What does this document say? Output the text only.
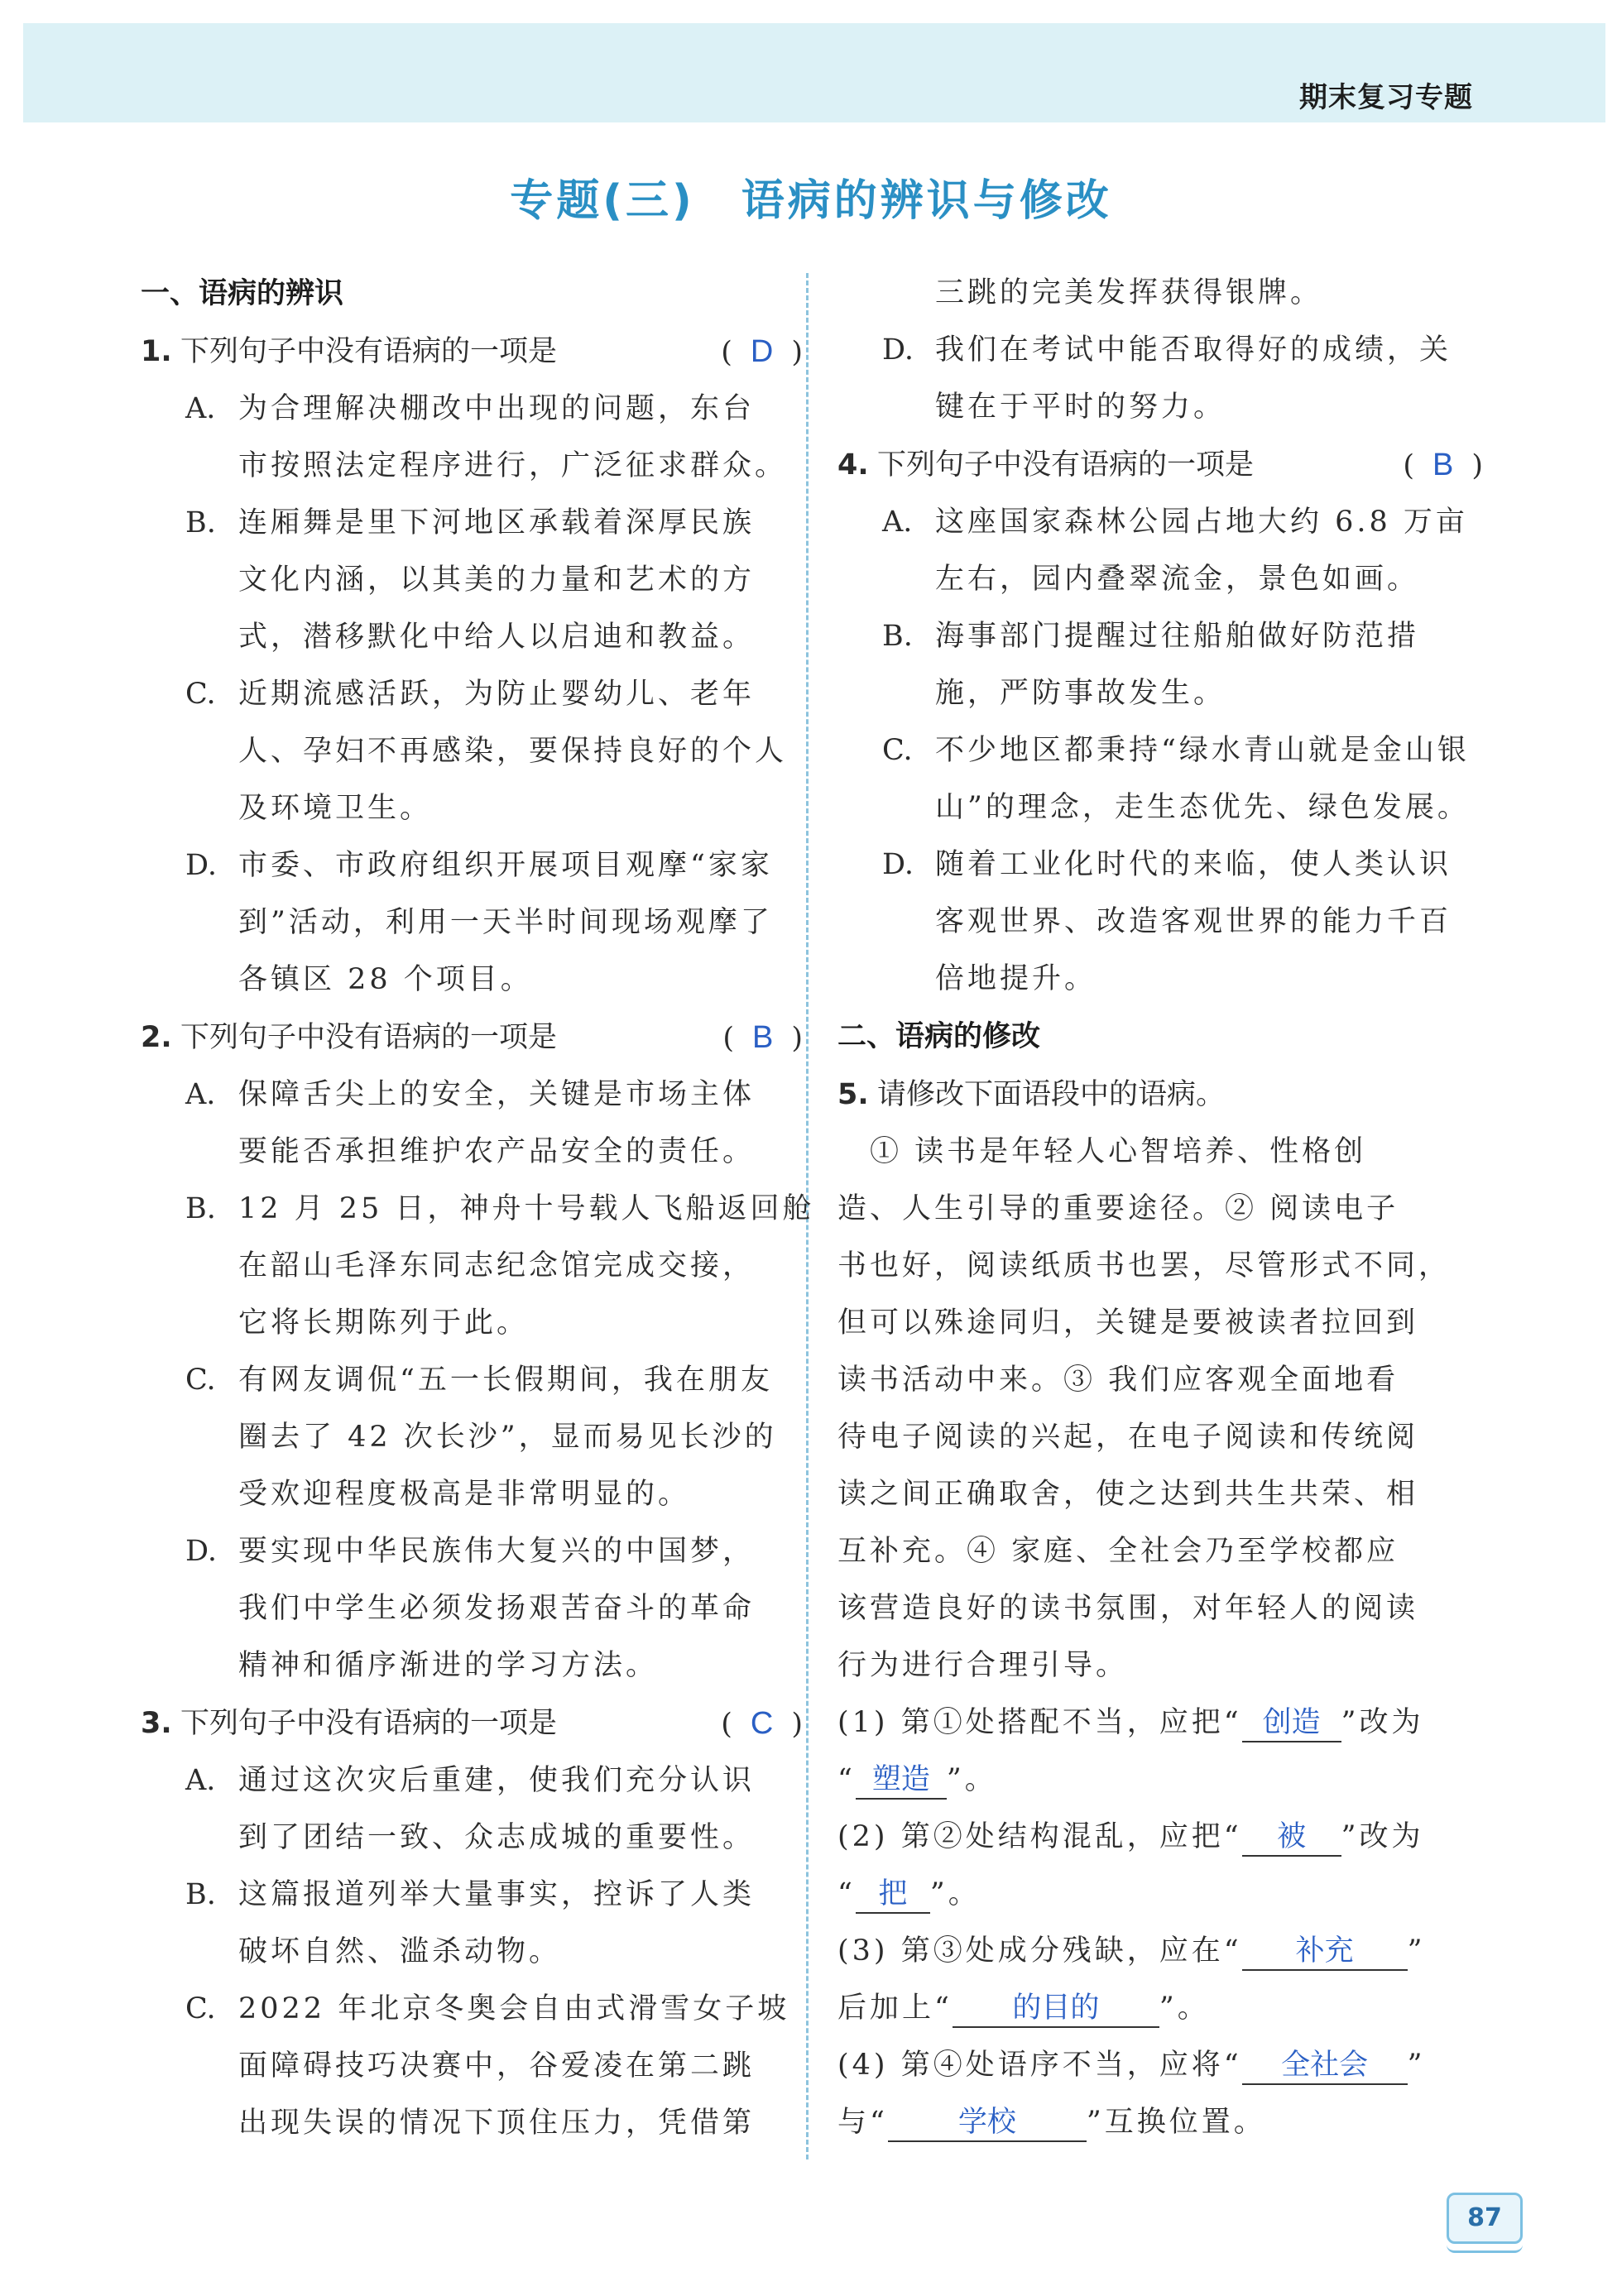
期末复习专题
专题(三) 语病的辨识与修改
一、语病的辨识
1. 下列句子中没有语病的一项是	( D )
A. 为合理解决棚改中出现的问题，东台
市按照法定程序进行，广泛征求群众。
B. 连厢舞是里下河地区承载着深厚民族
文化内涵，以其美的力量和艺术的方
式，潜移默化中给人以启迪和教益。
C. 近期流感活跃，为防止婴幼儿、老年
人、孕妇不再感染，要保持良好的个人
及环境卫生。
D. 市委、市政府组织开展项目观摩“家家
到”活动，利用一天半时间现场观摩了
各镇区 28 个项目。
2. 下列句子中没有语病的一项是	( B )
A. 保障舌尖上的安全，关键是市场主体
要能否承担维护农产品安全的责任。
B. 12 月 25 日，神舟十号载人飞船返回舱
在韶山毛泽东同志纪念馆完成交接，
它将长期陈列于此。
C. 有网友调侃“五一长假期间，我在朋友
圈去了 42 次长沙”，显而易见长沙的
受欢迎程度极高是非常明显的。
D. 要实现中华民族伟大复兴的中国梦，
我们中学生必须发扬艰苦奋斗的革命
精神和循序渐进的学习方法。
3. 下列句子中没有语病的一项是	( C )
A. 通过这次灾后重建，使我们充分认识
到了团结一致、众志成城的重要性。
B. 这篇报道列举大量事实，控诉了人类
破坏自然、滥杀动物。
C. 2022 年北京冬奥会自由式滑雪女子坡
面障碍技巧决赛中，谷爱凌在第二跳
出现失误的情况下顶住压力，凭借第
三跳的完美发挥获得银牌。
D. 我们在考试中能否取得好的成绩，关
键在于平时的努力。
4. 下列句子中没有语病的一项是	( B )
A. 这座国家森林公园占地大约 6.8 万亩
左右，园内叠翠流金，景色如画。
B. 海事部门提醒过往船舶做好防范措
施，严防事故发生。
C. 不少地区都秉持“绿水青山就是金山银
山”的理念，走生态优先、绿色发展。
D. 随着工业化时代的来临，使人类认识
客观世界、改造客观世界的能力千百
倍地提升。
二、语病的修改
5. 请修改下面语段中的语病。
　① 读书是年轻人心智培养、性格创
造、人生引导的重要途径。② 阅读电子
书也好，阅读纸质书也罢，尽管形式不同，
但可以殊途同归，关键是要被读者拉回到
读书活动中来。③ 我们应客观全面地看
待电子阅读的兴起，在电子阅读和传统阅
读之间正确取舍，使之达到共生共荣、相
互补充。④ 家庭、全社会乃至学校都应
该营造良好的读书氛围，对年轻人的阅读
行为进行合理引导。
(1) 第①处搭配不当，应把“ 创造 ”改为
“ 塑造 ”。
(2) 第②处结构混乱，应把“ 被 ”改为
“ 把 ”。
(3) 第③处成分残缺，应在“ 补充 ”
后加上“ 的目的 ”。
(4) 第④处语序不当，应将“ 全社会 ”
与“ 学校 ”互换位置。
87
